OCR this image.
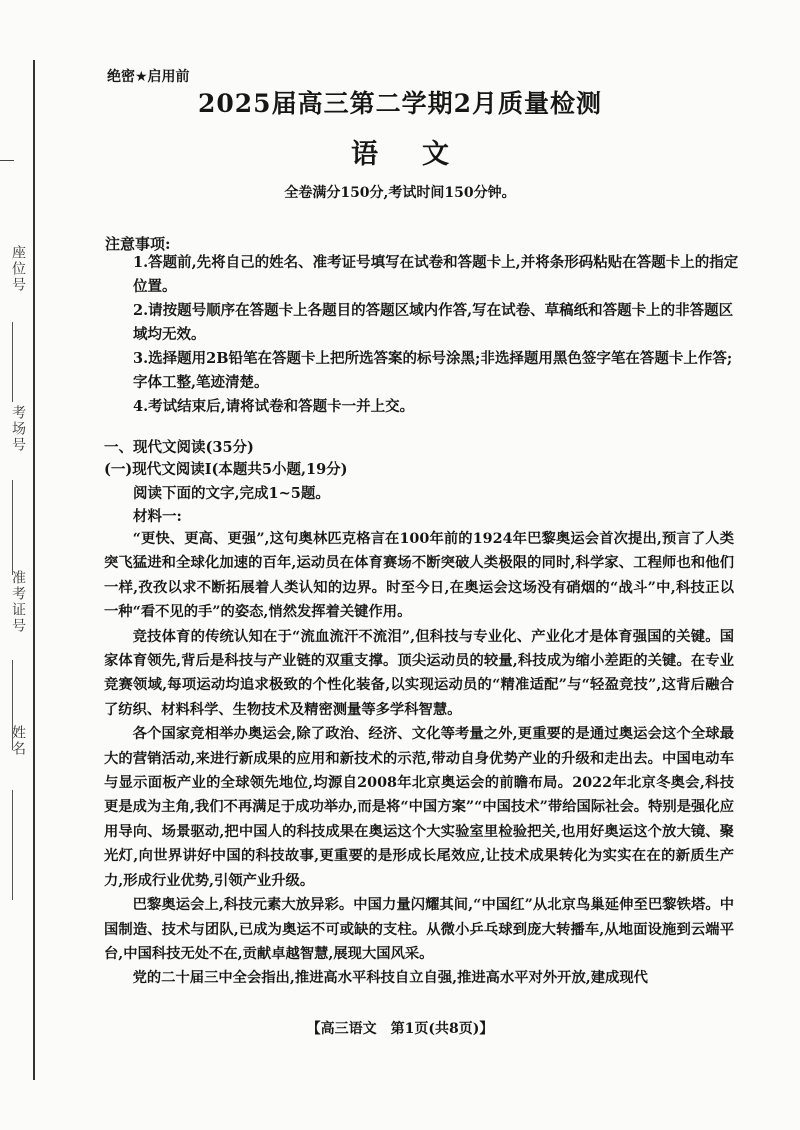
座位号
考场号
准考证号
姓名
绝密★启用前
2025届高三第二学期2月质量检测
语文
全卷满分150分,考试时间150分钟。
注意事项:

1.答题前,先将自己的姓名、准考证号填写在试卷和答题卡上,并将条形码粘贴在答题卡上的指定位置。

2.请按题号顺序在答题卡上各题目的答题区域内作答,写在试卷、草稿纸和答题卡上的非答题区域均无效。

3.选择题用2B铅笔在答题卡上把所选答案的标号涂黑;非选择题用黑色签字笔在答题卡上作答;字体工整,笔迹清楚。

4.考试结束后,请将试卷和答题卡一并上交。

一、现代文阅读(35分)
(一)现代文阅读Ⅰ(本题共5小题,19分)
阅读下面的文字,完成1~5题。
材料一:

“更快、更高、更强”,这句奥林匹克格言在100年前的1924年巴黎奥运会首次提出,预言了人类突飞猛进和全球化加速的百年,运动员在体育赛场不断突破人类极限的同时,科学家、工程师也和他们一样,孜孜以求不断拓展着人类认知的边界。时至今日,在奥运会这场没有硝烟的“战斗”中,科技正以一种“看不见的手”的姿态,悄然发挥着关键作用。

竞技体育的传统认知在于“流血流汗不流泪”,但科技与专业化、产业化才是体育强国的关键。国家体育领先,背后是科技与产业链的双重支撑。顶尖运动员的较量,科技成为缩小差距的关键。在专业竞赛领域,每项运动均追求极致的个性化装备,以实现运动员的“精准适配”与“轻盈竞技”,这背后融合了纺织、材料科学、生物技术及精密测量等多学科智慧。

各个国家竞相举办奥运会,除了政治、经济、文化等考量之外,更重要的是通过奥运会这个全球最大的营销活动,来进行新成果的应用和新技术的示范,带动自身优势产业的升级和走出去。中国电动车与显示面板产业的全球领先地位,均源自2008年北京奥运会的前瞻布局。2022年北京冬奥会,科技更是成为主角,我们不再满足于成功举办,而是将“中国方案”“中国技术”带给国际社会。特别是强化应用导向、场景驱动,把中国人的科技成果在奥运这个大实验室里检验把关,也用好奥运这个放大镜、聚光灯,向世界讲好中国的科技故事,更重要的是形成长尾效应,让技术成果转化为实实在在的新质生产力,形成行业优势,引领产业升级。

巴黎奥运会上,科技元素大放异彩。中国力量闪耀其间,“中国红”从北京鸟巢延伸至巴黎铁塔。中国制造、技术与团队,已成为奥运不可或缺的支柱。从微小乒乓球到庞大转播车,从地面设施到云端平台,中国科技无处不在,贡献卓越智慧,展现大国风采。

党的二十届三中全会指出,推进高水平科技自立自强,推进高水平对外开放,建成现代

【高三语文　第1页(共8页)】
